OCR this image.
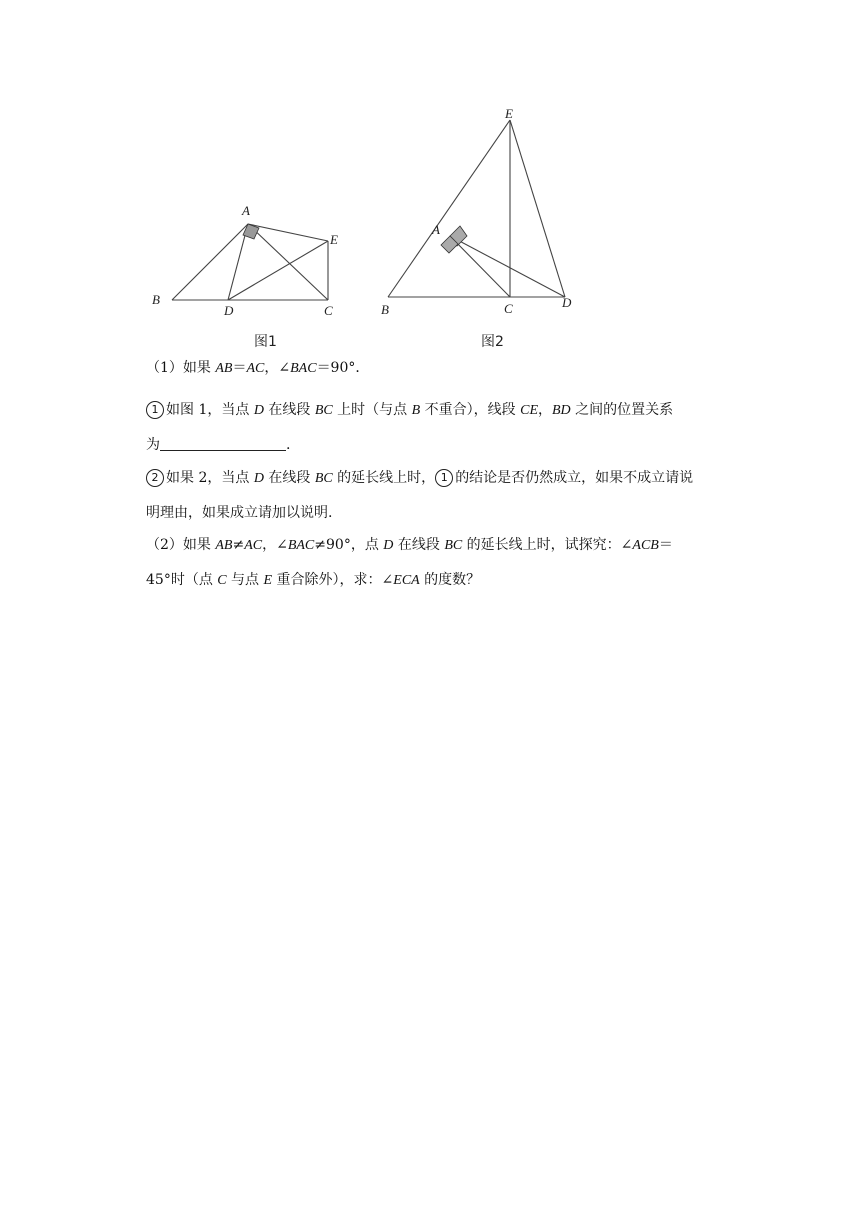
A
B
C
D
E
图1
E
A
B	C	D
图2
（1）如果 AB＝AC，∠BAC＝90°．
1 如图 1，当点 D 在线段 BC 上时（与点 B 不重合），线段 CE，BD 之间的位置关系
为	.
2 如果 2，当点 D 在线段 BC 的延长线上时， 1 的结论是否仍然成立，如果不成立请说
明理由，如果成立请加以说明.
（2）如果 AB≠AC，∠BAC≠90°，点 D 在线段 BC 的延长线上时，试探究：∠ACB＝
45°时（点 C 与点 E 重合除外），求：∠ECA 的度数？
